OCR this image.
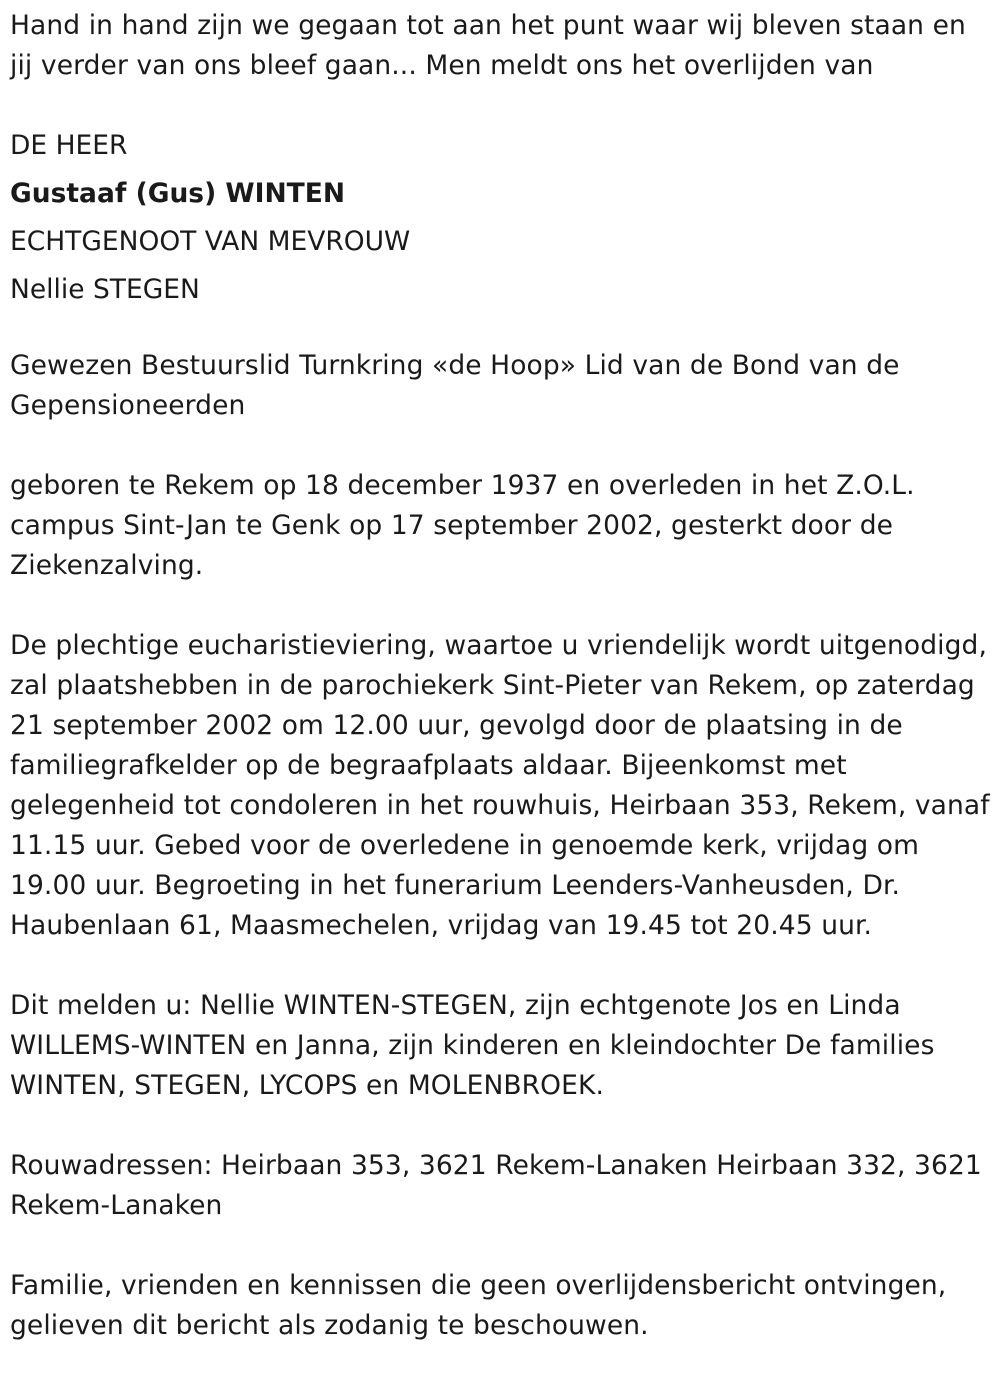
Hand in hand zijn we gegaan tot aan het punt waar wij bleven staan en jij verder van ons bleef gaan... Men meldt ons het overlijden van

DE HEER
Gustaaf (Gus) WINTEN
ECHTGENOOT VAN MEVROUW
Nellie STEGEN

Gewezen Bestuurslid Turnkring «de Hoop» Lid van de Bond van de Gepensioneerden

geboren te Rekem op 18 december 1937 en overleden in het Z.O.L. campus Sint-Jan te Genk op 17 september 2002, gesterkt door de Ziekenzalving.

De plechtige eucharistieviering, waartoe u vriendelijk wordt uitgenodigd, zal plaatshebben in de parochiekerk Sint-Pieter van Rekem, op zaterdag 21 september 2002 om 12.00 uur, gevolgd door de plaatsing in de familiegrafkelder op de begraafplaats aldaar. Bijeenkomst met gelegenheid tot condoleren in het rouwhuis, Heirbaan 353, Rekem, vanaf 11.15 uur. Gebed voor de overledene in genoemde kerk, vrijdag om 19.00 uur. Begroeting in het funerarium Leenders-Vanheusden, Dr. Haubenlaan 61, Maasmechelen, vrijdag van 19.45 tot 20.45 uur.

Dit melden u: Nellie WINTEN-STEGEN, zijn echtgenote Jos en Linda WILLEMS-WINTEN en Janna, zijn kinderen en kleindochter De families WINTEN, STEGEN, LYCOPS en MOLENBROEK.

Rouwadressen: Heirbaan 353, 3621 Rekem-Lanaken Heirbaan 332, 3621 Rekem-Lanaken

Familie, vrienden en kennissen die geen overlijdensbericht ontvingen, gelieven dit bericht als zodanig te beschouwen.
